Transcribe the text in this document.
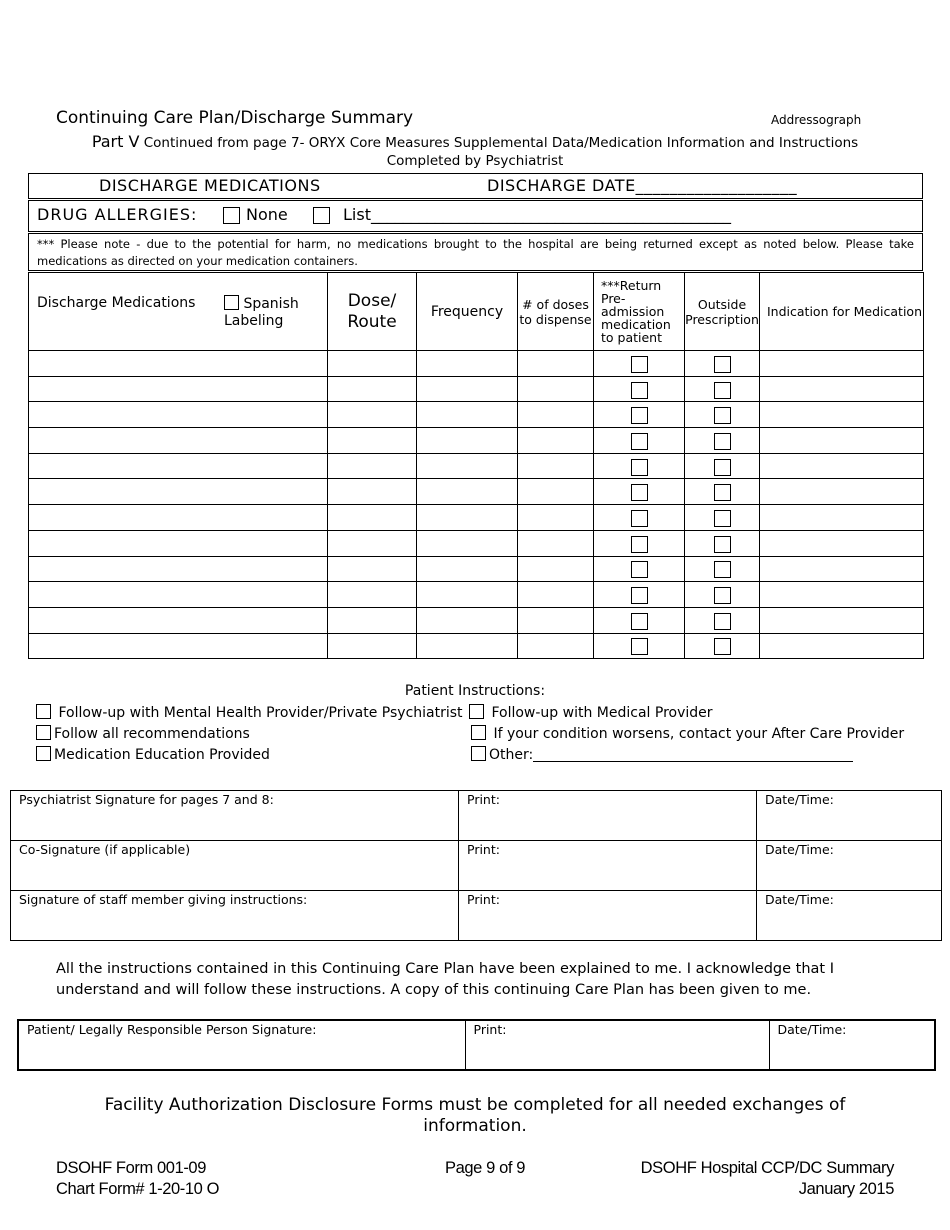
Continuing Care Plan/Discharge Summary	Addressograph
Part V Continued from page 7- ORYX Core Measures Supplemental Data/Medication Information and Instructions
Completed by Psychiatrist
DISCHARGE MEDICATIONS	DISCHARGE DATE___________________
DRUG ALLERGIES:	None	List_____________________________________________
*** Please note - due to the potential for harm, no medications brought to the hospital are being returned except as noted below. Please take medications as directed on your medication containers.
Discharge Medications Spanish Labeling	Dose/ Route	Frequency	# of doses to dispense	***Return Pre-admission medication to patient	Outside Prescription	Indication for Medication

Patient Instructions:
Follow-up with Mental Health Provider/Private Psychiatrist
Follow all recommendations
Medication Education Provided
Follow-up with Medical Provider
If your condition worsens, contact your After Care Provider
Other:
Psychiatrist Signature for pages 7 and 8:	Print:	Date/Time:
Co-Signature (if applicable)	Print:	Date/Time:
Signature of staff member giving instructions:	Print:	Date/Time:
All the instructions contained in this Continuing Care Plan have been explained to me. I acknowledge that I understand and will follow these instructions. A copy of this continuing Care Plan has been given to me.
Patient/ Legally Responsible Person Signature:	Print:	Date/Time:
Facility Authorization Disclosure Forms must be completed for all needed exchanges of information.
DSOHF Form 001-09
Chart Form# 1-20-10 O
Page 9 of 9	DSOHF Hospital CCP/DC Summary
January 2015
